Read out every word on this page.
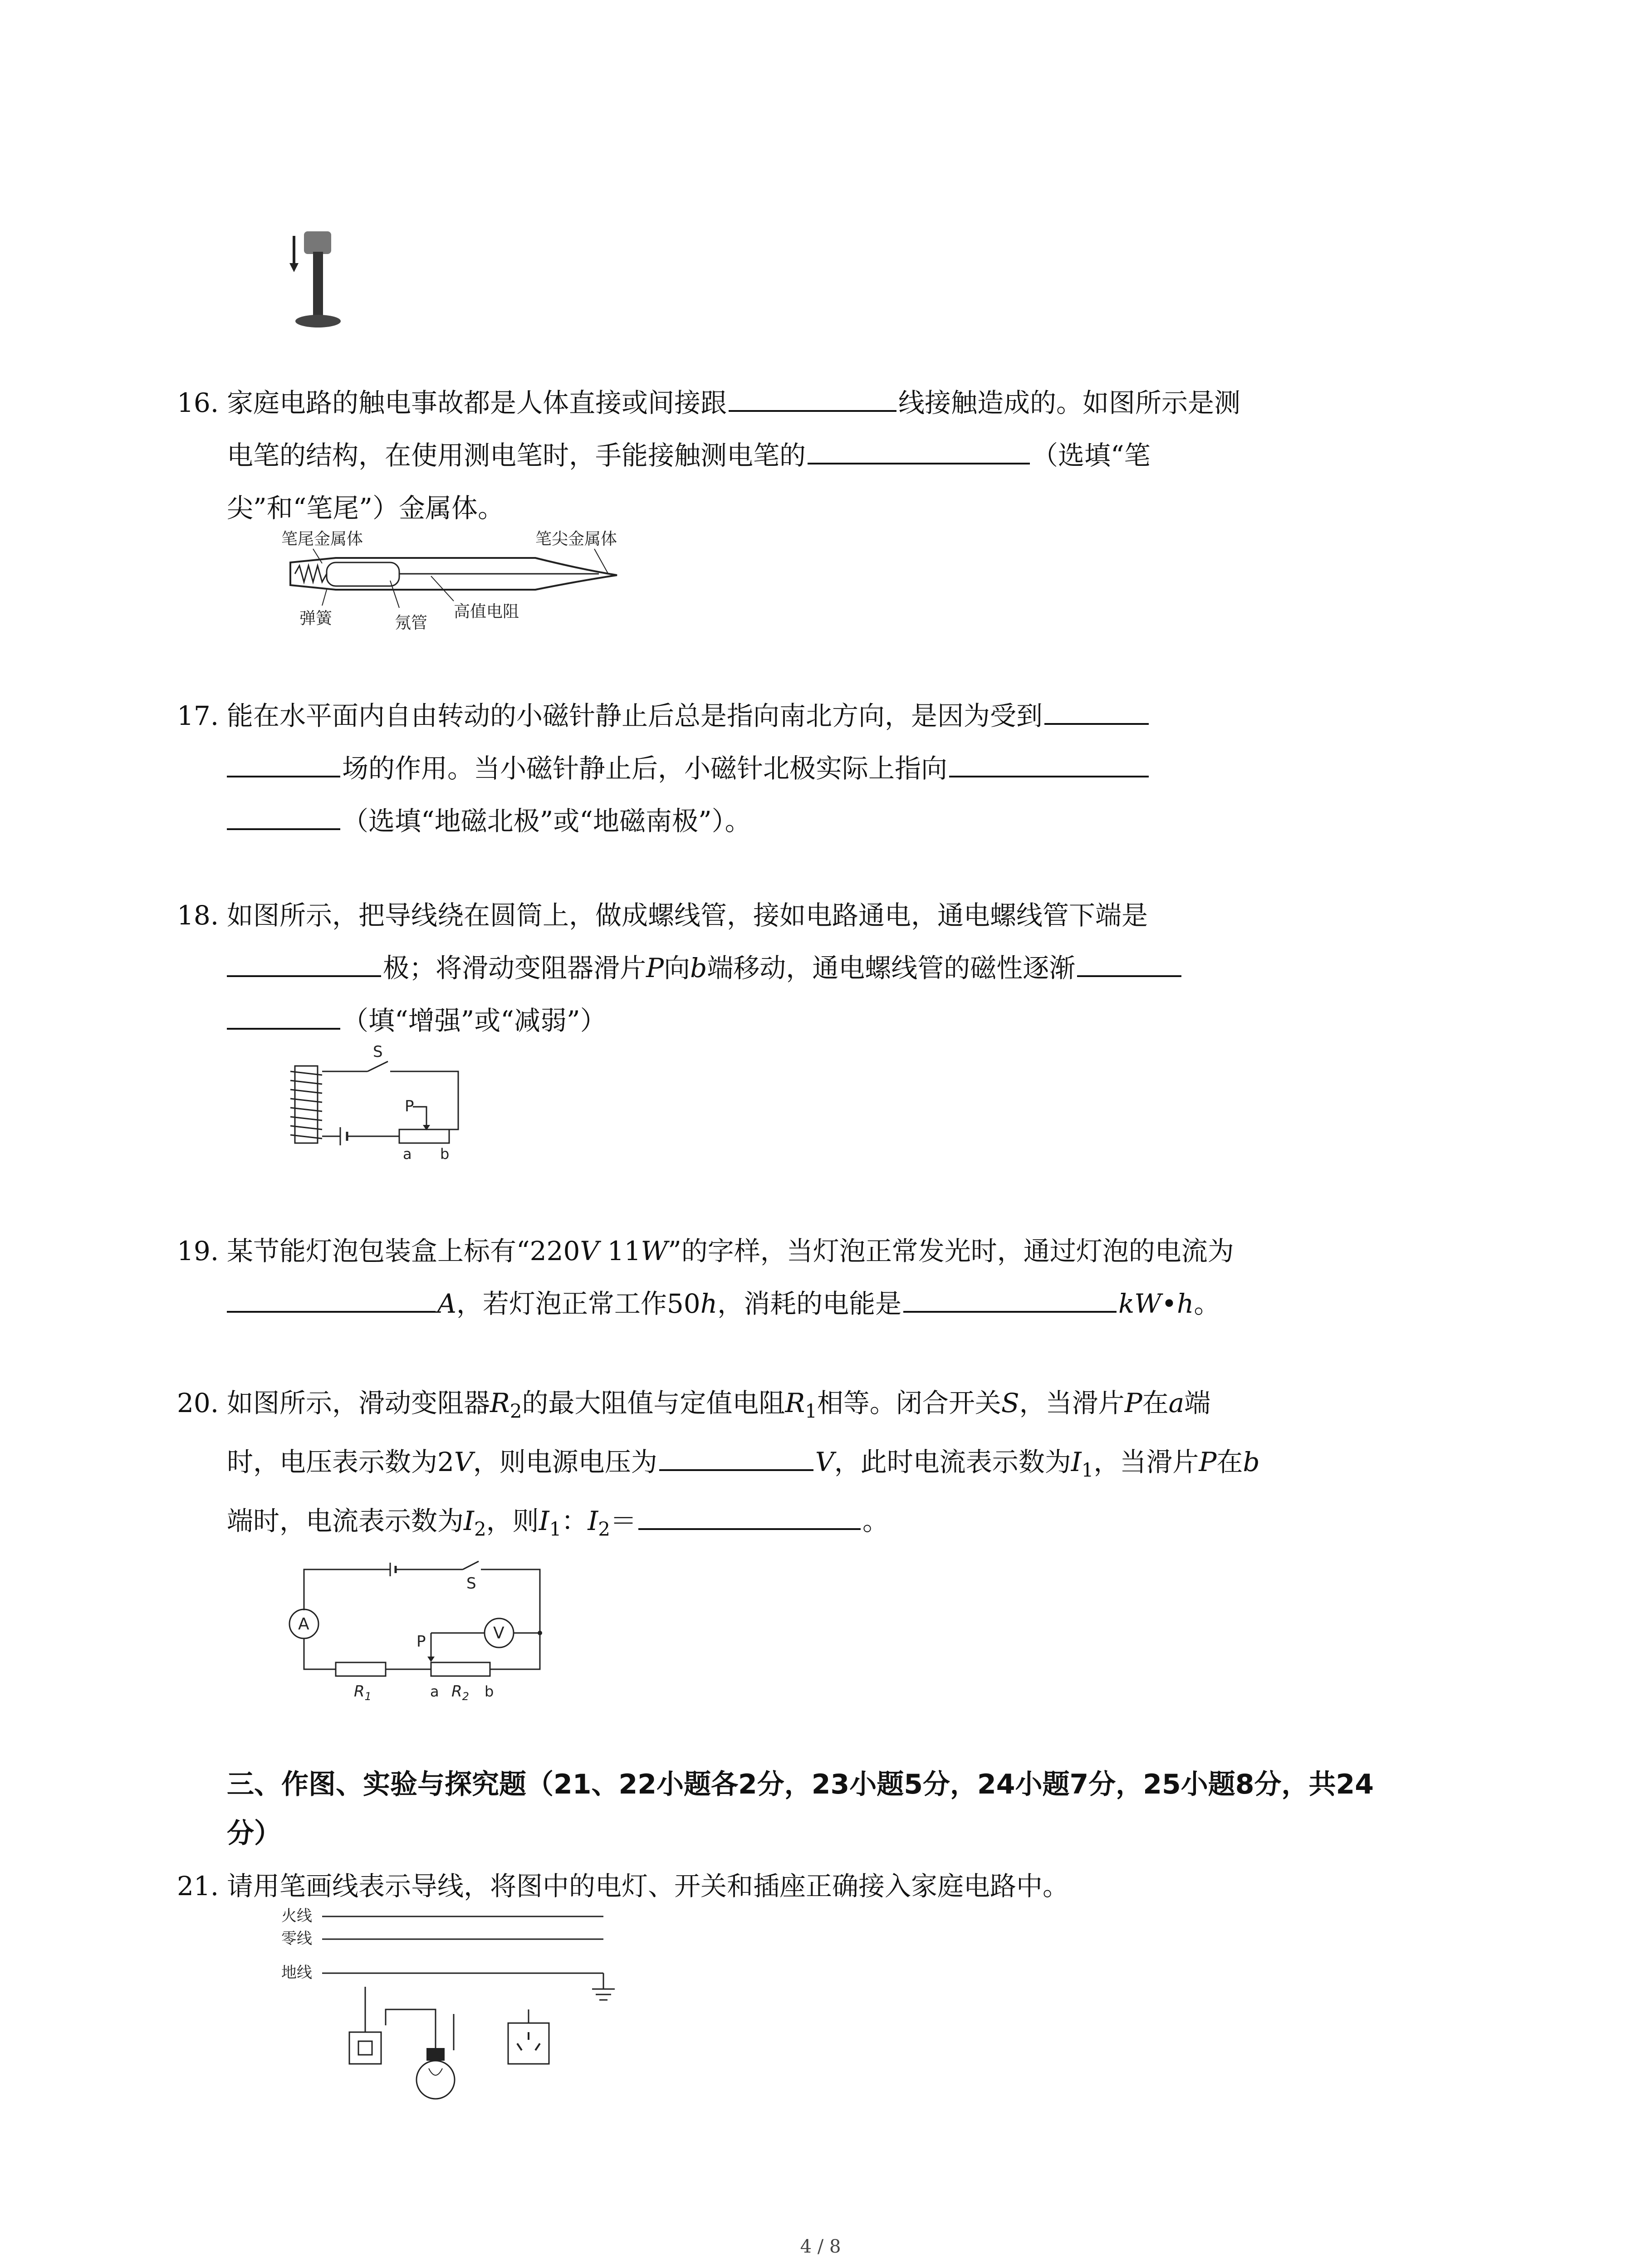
16. 家庭电路的触电事故都是人体直接或间接跟	线接触造成的。如图所示是测
电笔的结构，在使用测电笔时，手能接触测电笔的	（选填“笔
尖”和“笔尾”）金属体。
笔尾金属体	笔尖金属体
弹簧	氖管
高值电阻
17. 能在水平面内自由转动的小磁针静止后总是指向南北方向，是因为受到
场的作用。当小磁针静止后，小磁针北极实际上指向
（选填“地磁北极”或“地磁南极”）。
18. 如图所示，把导线绕在圆筒上，做成螺线管，接如电路通电，通电螺线管下端是
极；将滑动变阻器滑片P向b端移动，通电螺线管的磁性逐渐
（填“增强”或“减弱”）
S
P
a b
19. 某节能灯泡包装盒上标有“220V 11W”的字样，当灯泡正常发光时，通过灯泡的电流为
A，若灯泡正常工作50h，消耗的电能是	kW•h。
20. 如图所示，滑动变阻器$R_2$的最大阻值与定值电阻$R_1$相等。闭合开关S，当滑片P在a端
时，电压表示数为2V，则电源电压为	V，此时电流表示数为$I_1$，当滑片P在b
端时，电流表示数为$I_2$，则$I_1$：$I_2=$	。
S
A	V
P
$R_1$	a $R_2$ b
三、作图、实验与探究题（21、22小题各2分，23小题5分，24小题7分，25小题8分，共24
分）
21. 请用笔画线表示导线，将图中的电灯、开关和插座正确接入家庭电路中。
火线
零线
地线
4 / 8
